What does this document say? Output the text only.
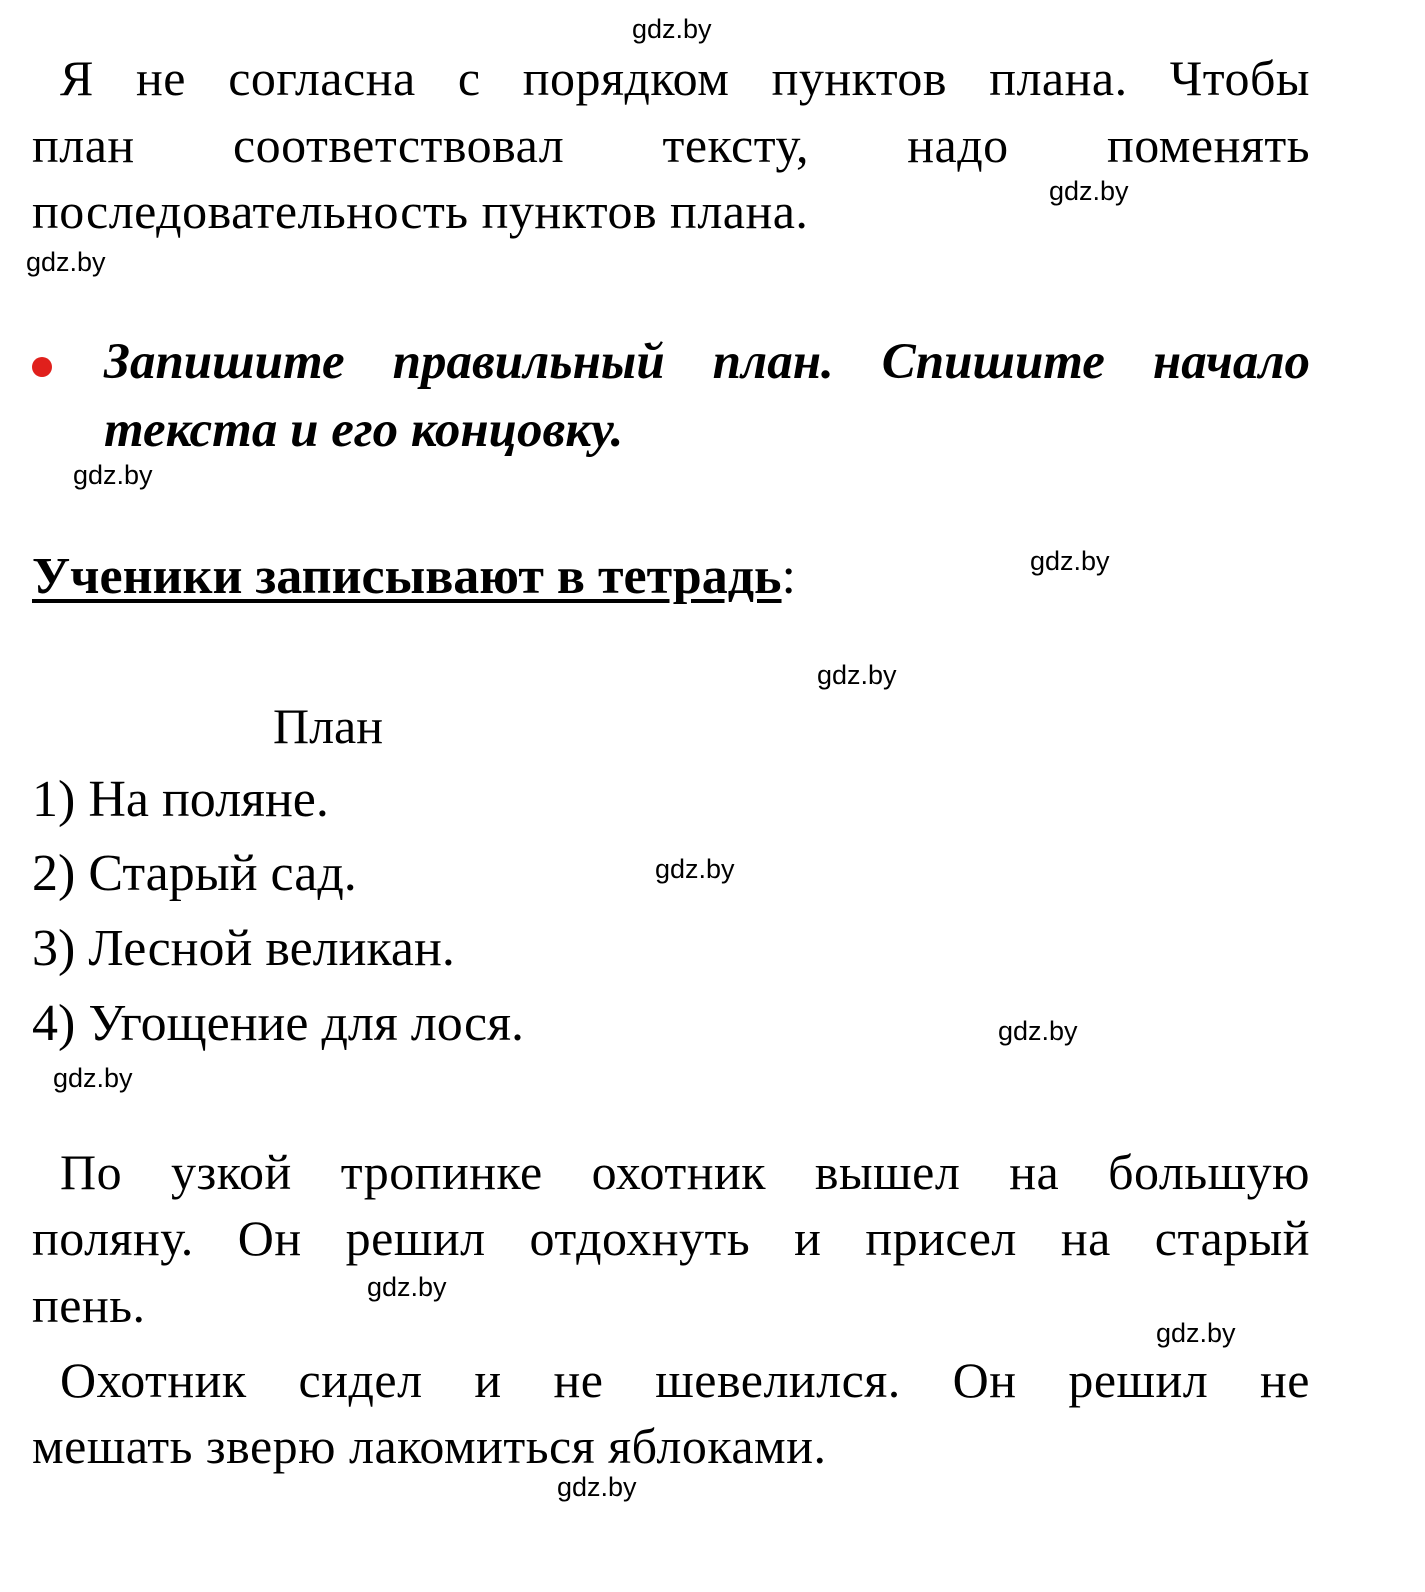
gdz.by
gdz.by
gdz.by
gdz.by
gdz.by
gdz.by
gdz.by
gdz.by
gdz.by
gdz.by
gdz.by
gdz.by
Я не согласна с порядком пунктов плана. Чтобы
план соответствовал тексту, надо поменять
последовательность пунктов плана.
Запишите правильный план. Спишите начало
текста и его концовку.
Ученики записывают в тетрадь:
План
1) На поляне.
2) Старый сад.
3) Лесной великан.
4) Угощение для лося.
По узкой тропинке охотник вышел на большую
поляну. Он решил отдохнуть и присел на старый
пень.
Охотник сидел и не шевелился. Он решил не
мешать зверю лакомиться яблоками.
